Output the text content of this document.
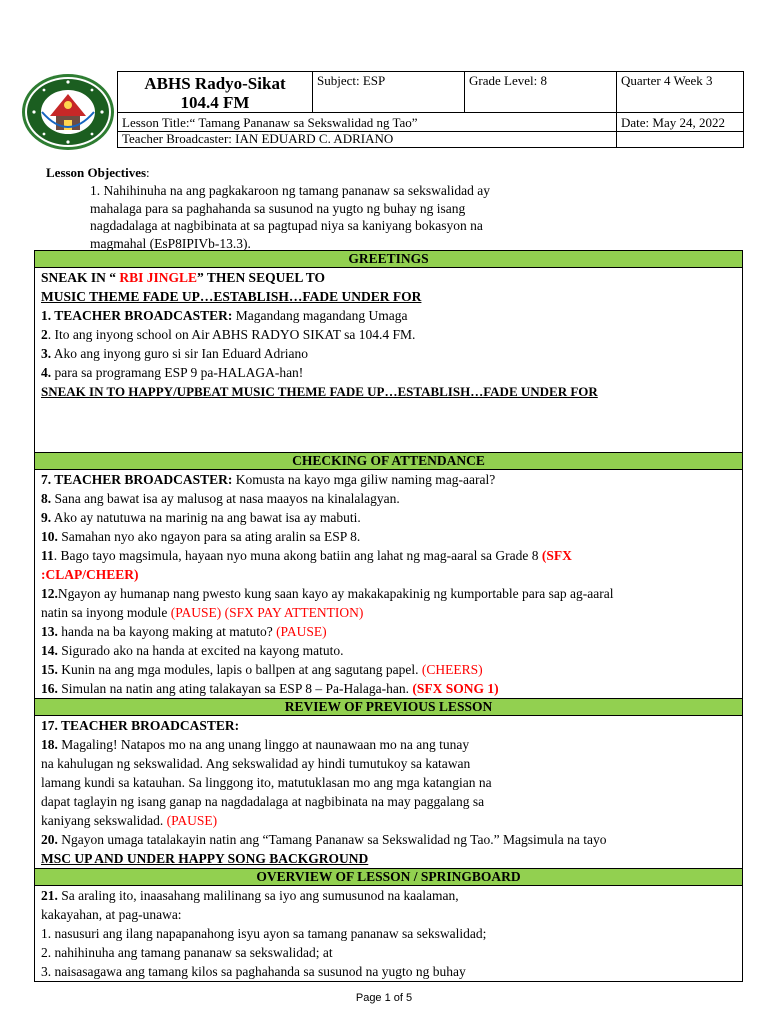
ABHS Radyo-Sikat
104.4 FM	Subject: ESP	Grade Level: 8	Quarter 4 Week 3
Lesson Title:“ Tamang Pananaw sa Sekswalidad ng Tao”			Date: May 24, 2022
Teacher Broadcaster: IAN EDUARD C. ADRIANO			
Lesson Objectives:
1. Nahihinuha na ang pagkakaroon ng tamang pananaw sa sekswalidad ay
mahalaga para sa paghahanda sa susunod na yugto ng buhay ng isang
nagdadalaga at nagbibinata at sa pagtupad niya sa kaniyang bokasyon na
magmahal (EsP8IPIVb-13.3).
GREETINGS

SNEAK IN “ RBI JINGLE” THEN SEQUEL TO
MUSIC THEME FADE UP…ESTABLISH…FADE UNDER FOR
1. TEACHER BROADCASTER: Magandang magandang Umaga
2. Ito ang inyong school on Air ABHS RADYO SIKAT sa 104.4 FM.
3. Ako ang inyong guro si sir Ian Eduard Adriano
4. para sa programang ESP 9 pa-HALAGA-han!
SNEAK IN TO HAPPY/UPBEAT MUSIC THEME FADE UP…ESTABLISH…FADE UNDER FOR

CHECKING OF ATTENDANCE

7. TEACHER BROADCASTER: Komusta na kayo mga giliw naming mag-aaral?
8. Sana ang bawat isa ay malusog at nasa maayos na kinalalagyan.
9. Ako ay natutuwa na marinig na ang bawat isa ay mabuti.
10. Samahan nyo ako ngayon para sa ating aralin sa ESP 8.
11. Bago tayo magsimula, hayaan nyo muna akong batiin ang lahat ng mag-aaral sa Grade 8 (SFX
:CLAP/CHEER)
12.Ngayon ay humanap nang pwesto kung saan kayo ay makakapakinig ng kumportable para sap ag-aaral
natin sa inyong module (PAUSE) (SFX PAY ATTENTION)
13. handa na ba kayong making at matuto? (PAUSE)
14. Sigurado ako na handa at excited na kayong matuto.
15. Kunin na ang mga modules, lapis o ballpen at ang sagutang papel. (CHEERS)
16. Simulan na natin ang ating talakayan sa ESP 8 – Pa-Halaga-han. (SFX SONG 1)

REVIEW OF PREVIOUS LESSON

17. TEACHER BROADCASTER:
18. Magaling! Natapos mo na ang unang linggo at naunawaan mo na ang tunay
na kahulugan ng sekswalidad. Ang sekswalidad ay hindi tumutukoy sa katawan
lamang kundi sa katauhan. Sa linggong ito, matutuklasan mo ang mga katangian na
dapat taglayin ng isang ganap na nagdadalaga at nagbibinata na may paggalang sa
kaniyang sekswalidad. (PAUSE)
20. Ngayon umaga tatalakayin natin ang “Tamang Pananaw sa Sekswalidad ng Tao.” Magsimula na tayo
MSC UP AND UNDER HAPPY SONG BACKGROUND

OVERVIEW OF LESSON / SPRINGBOARD

21. Sa araling ito, inaasahang malilinang sa iyo ang sumusunod na kaalaman,
kakayahan, at pag-unawa:
1. nasusuri ang ilang napapanahong isyu ayon sa tamang pananaw sa sekswalidad;
2. nahihinuha ang tamang pananaw sa sekswalidad; at
3. naisasagawa ang tamang kilos sa paghahanda sa susunod na yugto ng buhay
Page 1 of 5
